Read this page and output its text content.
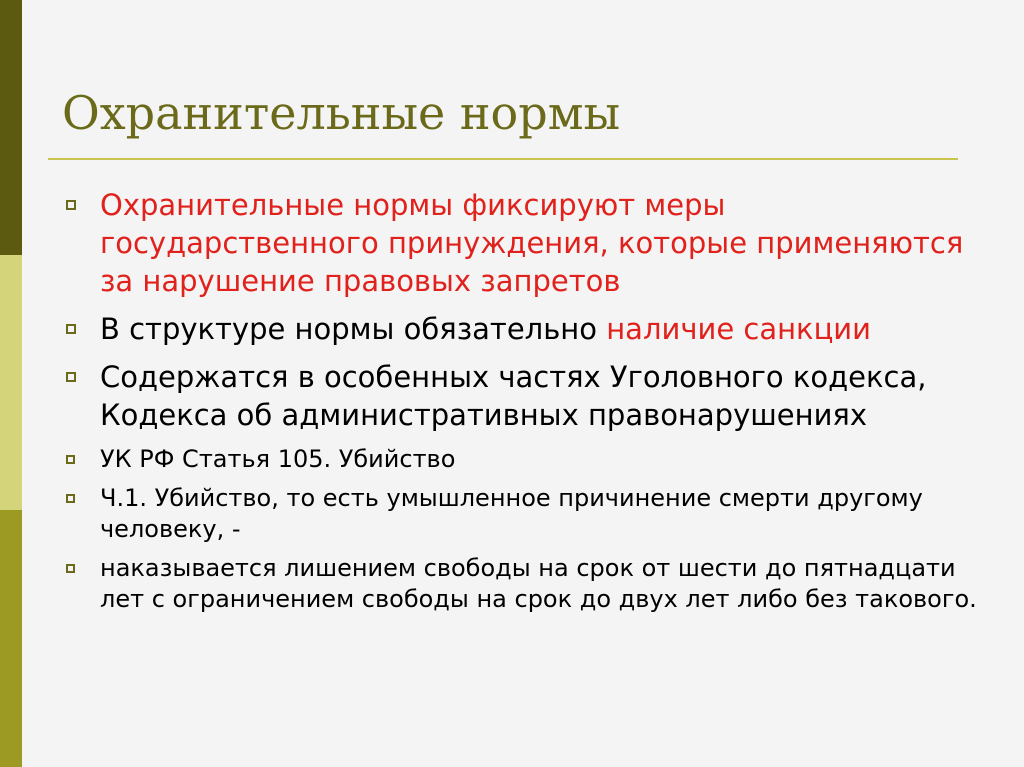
Охранительные нормы
Охранительные нормы фиксируют меры государственного принуждения, которые применяются за нарушение правовых запретов
В структуре нормы обязательно наличие санкции
Содержатся в особенных частях Уголовного кодекса, Кодекса об административных правонарушениях
УК РФ Статья 105. Убийство
Ч.1. Убийство, то есть умышленное причинение смерти другому человеку, -
наказывается лишением свободы на срок от шести до пятнадцати лет с ограничением свободы на срок до двух лет либо без такового.
